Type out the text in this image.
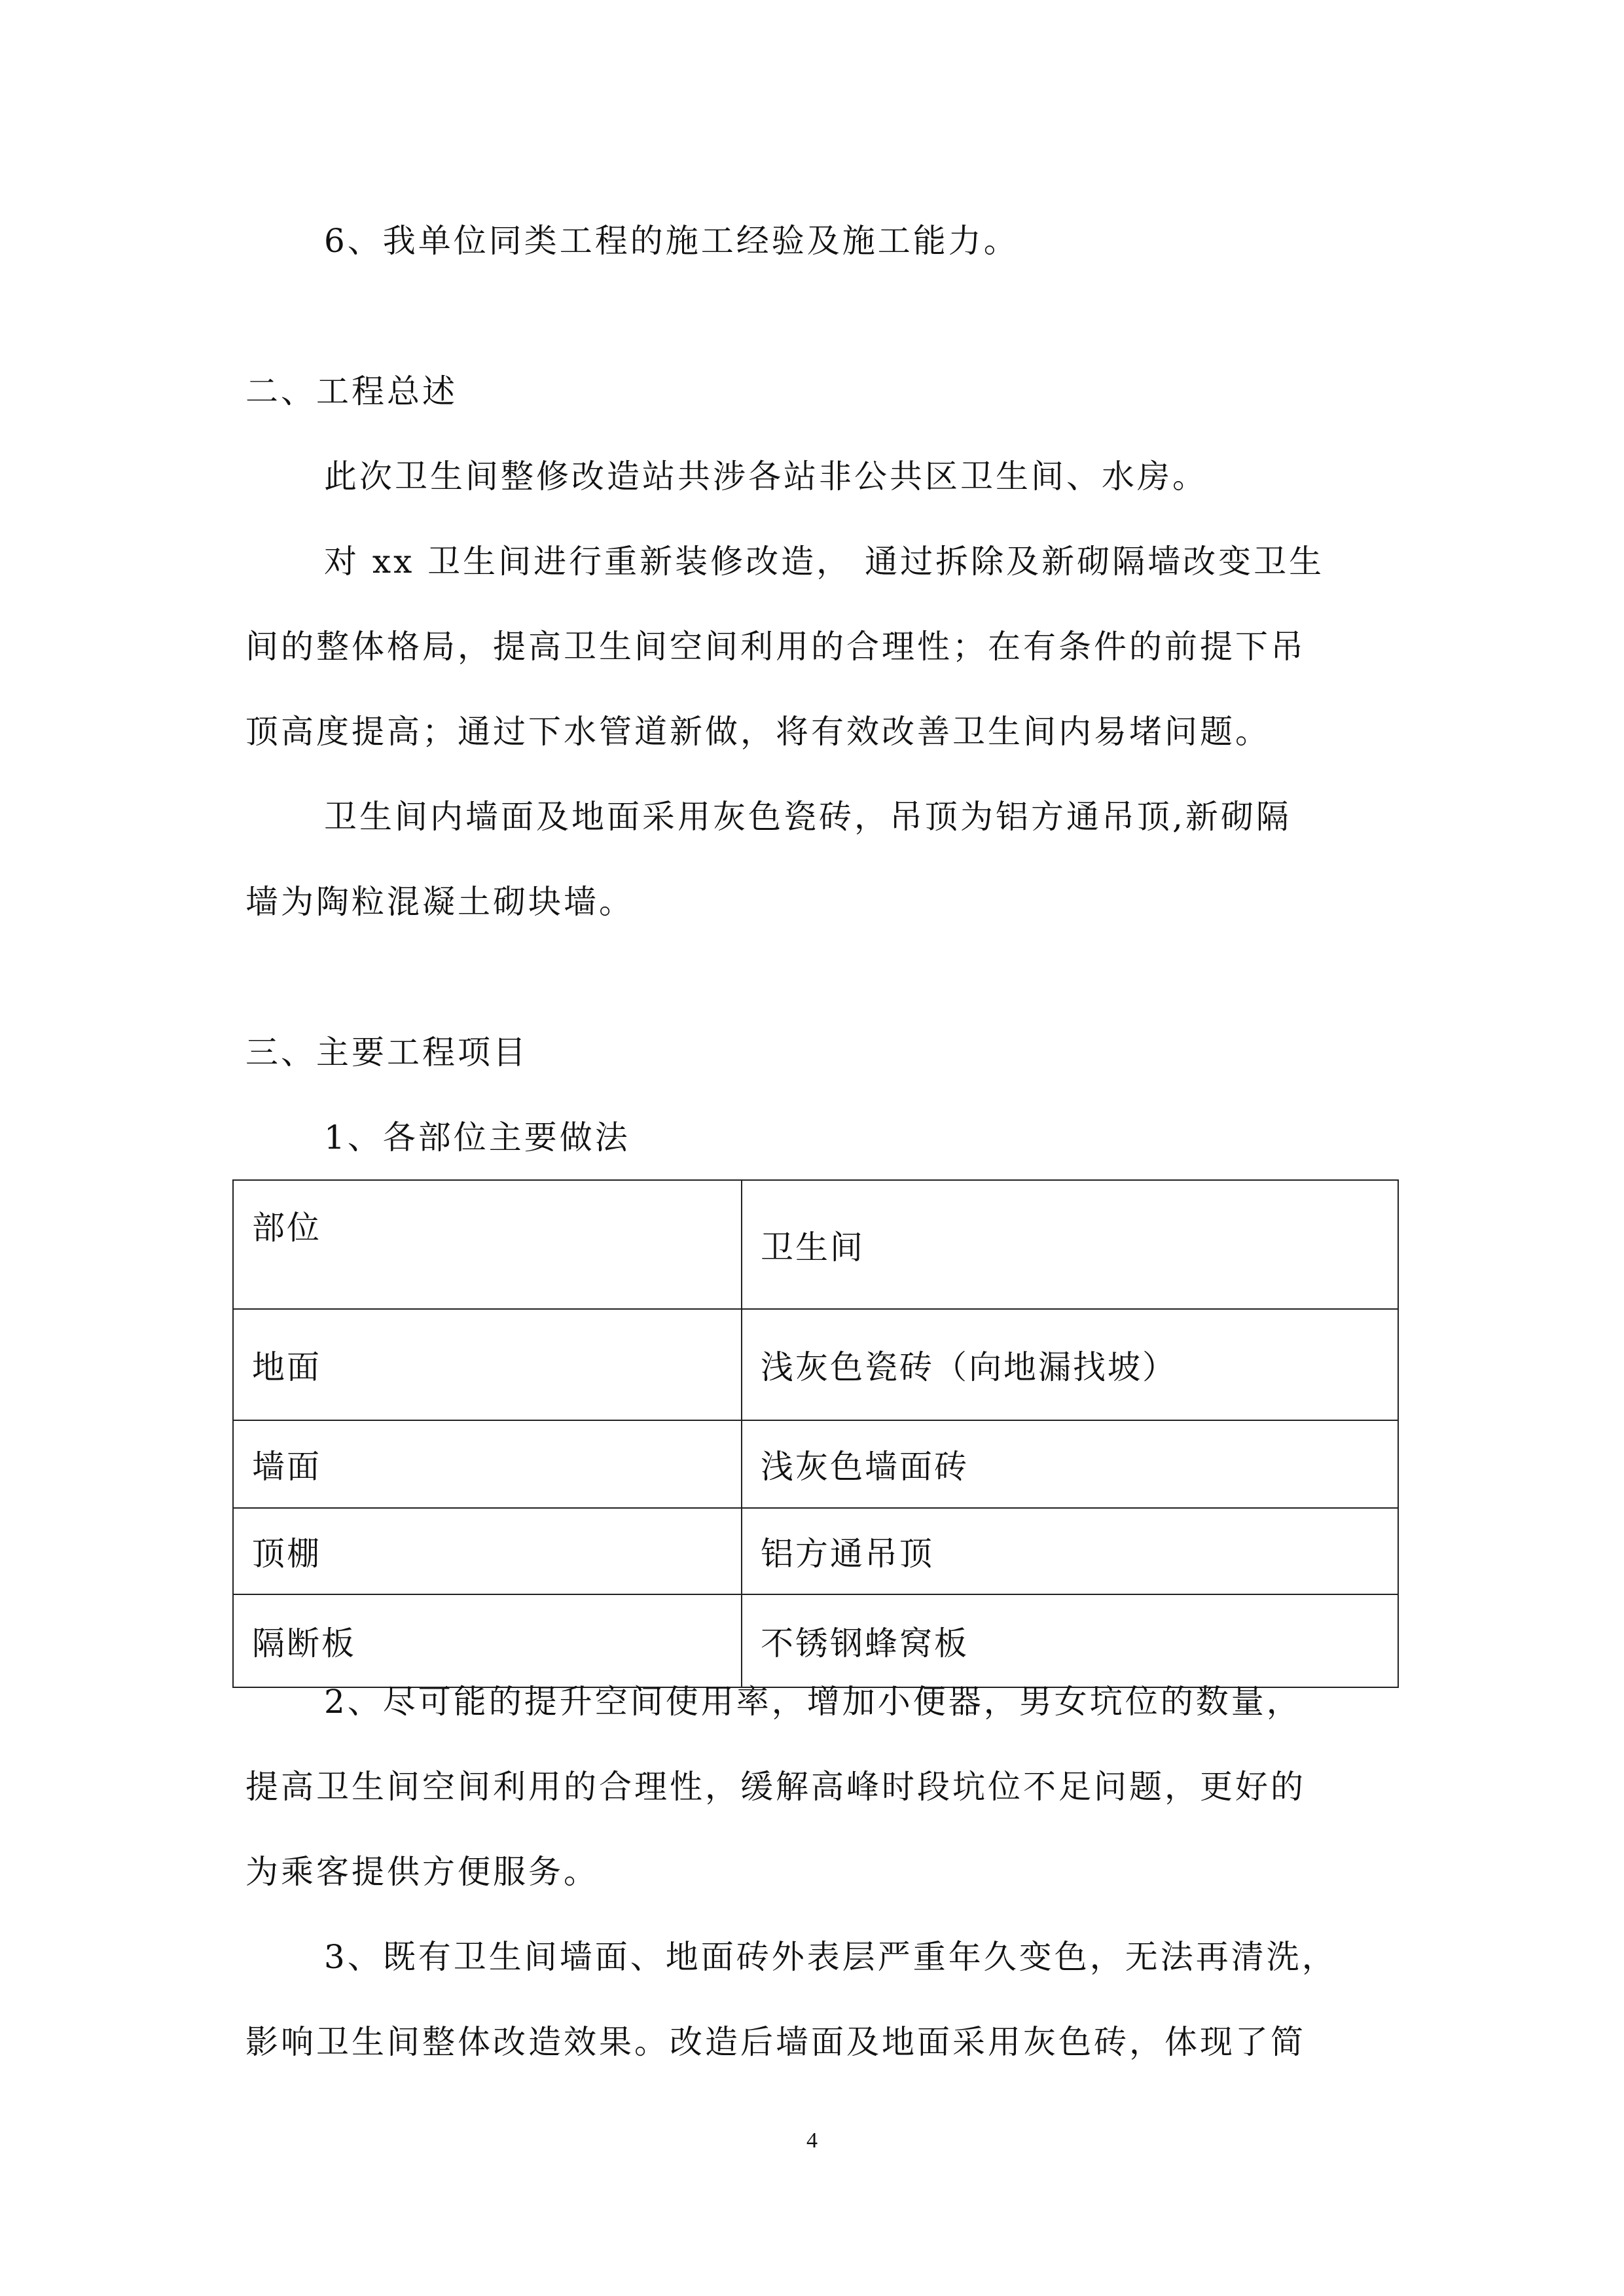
6、我单位同类工程的施工经验及施工能力。
二、工程总述
此次卫生间整修改造站共涉各站非公共区卫生间、水房。
对 xx 卫生间进行重新装修改造， 通过拆除及新砌隔墙改变卫生
间的整体格局，提高卫生间空间利用的合理性；在有条件的前提下吊
顶高度提高；通过下水管道新做，将有效改善卫生间内易堵问题。
卫生间内墙面及地面采用灰色瓷砖，吊顶为铝方通吊顶,新砌隔
墙为陶粒混凝土砌块墙。
三、主要工程项目
1、各部位主要做法
部位	卫生间
地面	浅灰色瓷砖（向地漏找坡）
墙面	浅灰色墙面砖
顶棚	铝方通吊顶
隔断板	不锈钢蜂窝板
2、尽可能的提升空间使用率，增加小便器，男女坑位的数量，
提高卫生间空间利用的合理性，缓解高峰时段坑位不足问题，更好的
为乘客提供方便服务。
3、既有卫生间墙面、地面砖外表层严重年久变色，无法再清洗，
影响卫生间整体改造效果。改造后墙面及地面采用灰色砖，体现了简
4
